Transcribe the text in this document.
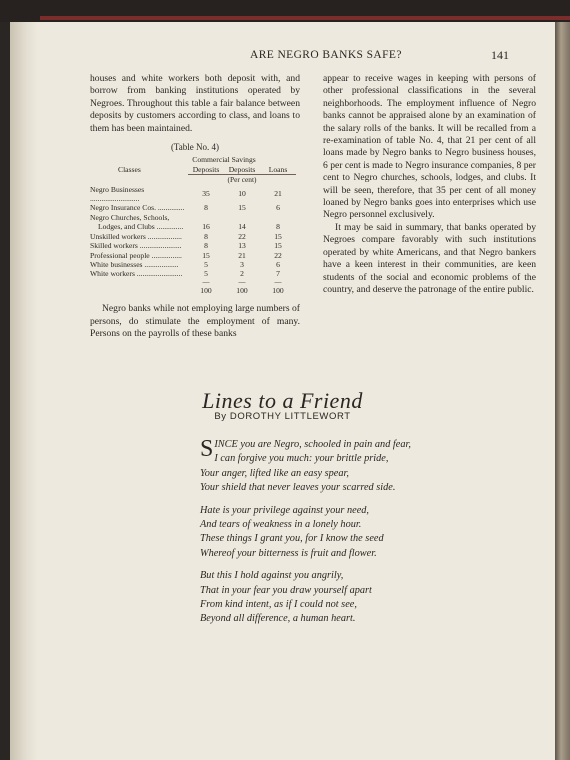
ARE NEGRO BANKS SAFE?	141

houses and white workers both deposit with, and borrow from banking institutions operated by Negroes. Throughout this table a fair balance between deposits by customers according to class, and loans to them has been maintained.

(Table No. 4)
	Commercial Savings		
Classes	Deposits	Deposits	Loans
	(Per cent)		
Negro Businesses ..........................	35	10	21
Negro Insurance Cos. ..............	8	15	6
Negro Churches, Schools,			
Lodges, and Clubs ..............	16	14	8
Unskilled workers ..................	8	22	15
Skilled workers ......................	8	13	15
Professional people ................	15	21	22
White businesses ..................	5	3	6
White workers ........................	5	2	7
	—	—	—
	100	100	100

Negro banks while not employing large numbers of persons, do stimulate the employment of many. Persons on the payrolls of these banks

appear to receive wages in keeping with persons of other professional classifications in the several neighborhoods. The employment influence of Negro banks cannot be appraised alone by an examination of the salary rolls of the banks. It will be recalled from a re-examination of table No. 4, that 21 per cent of all loans made by Negro banks to Negro business houses, 6 per cent is made to Negro insurance companies, 8 per cent to Negro churches, schools, lodges, and clubs. It will be seen, therefore, that 35 per cent of all money loaned by Negro banks goes into enterprises which use Negro personnel exclusively.

It may be said in summary, that banks operated by Negroes compare favorably with such institutions operated by white Americans, and that Negro bankers have a keen interest in their communities, are keen students of the social and economic problems of the country, and deserve the patronage of the entire public.

Lines to a Friend
By DOROTHY LITTLEWORT
SINCE you are Negro, schooled in pain and fear,
I can forgive you much: your brittle pride,
Your anger, lifted like an easy spear,
Your shield that never leaves your scarred side.
Hate is your privilege against your need,
And tears of weakness in a lonely hour.
These things I grant you, for I know the seed
Whereof your bitterness is fruit and flower.
But this I hold against you angrily,
That in your fear you draw yourself apart
From kind intent, as if I could not see,
Beyond all difference, a human heart.
